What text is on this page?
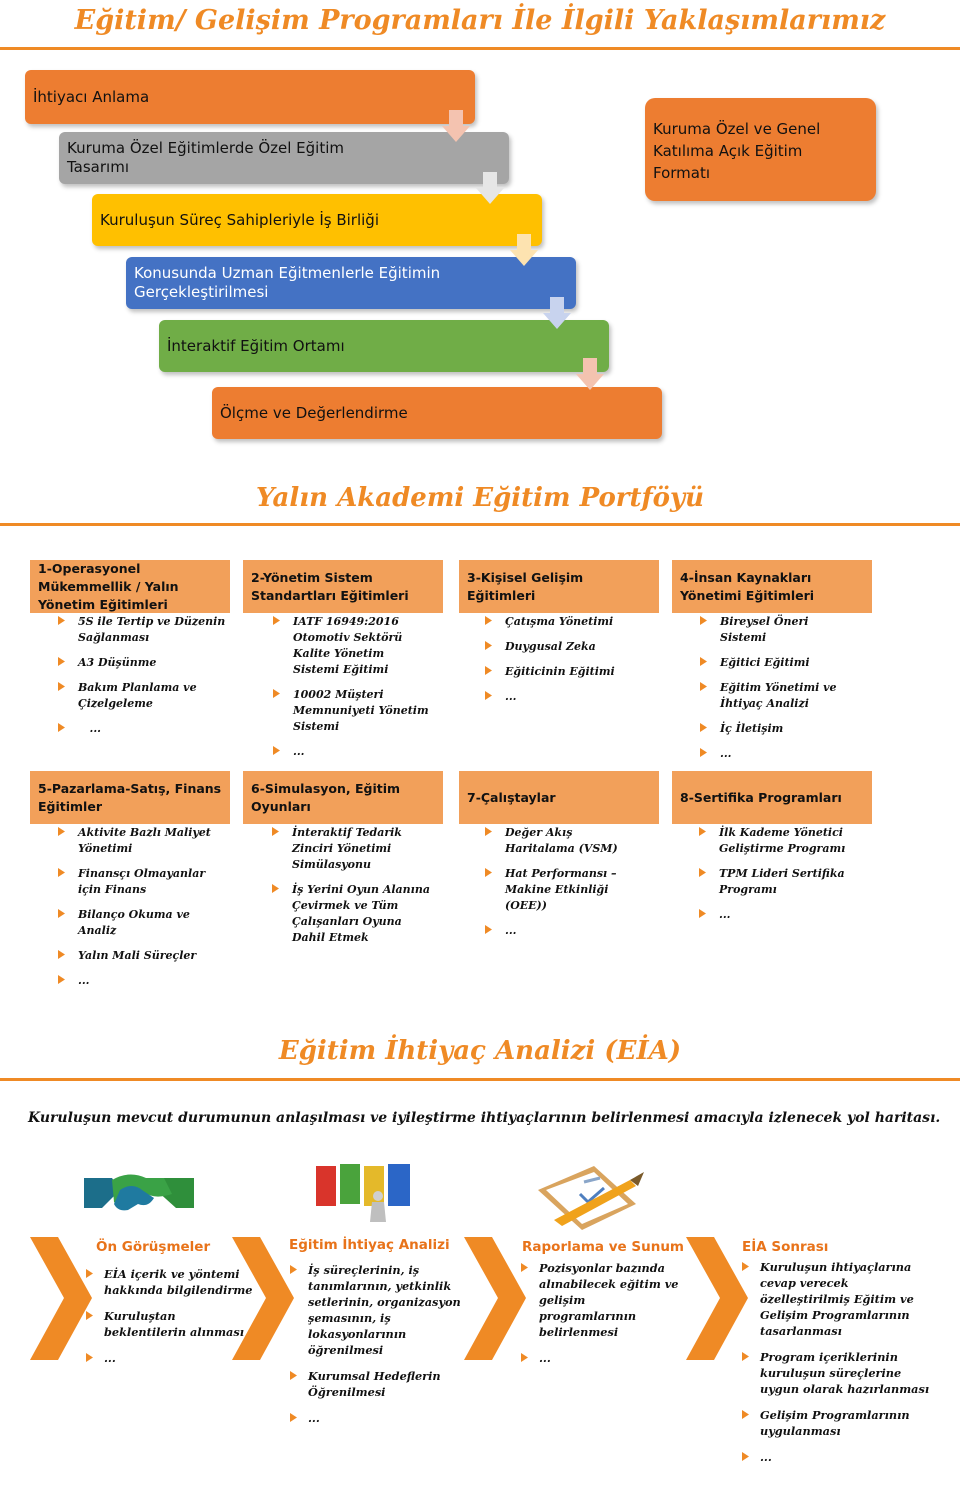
Eğitim/ Gelişim Programları İle İlgili Yaklaşımlarımız
İhtiyacı Anlama
Kuruma Özel Eğitimlerde Özel Eğitim Tasarımı
Kuruluşun Süreç Sahipleriyle İş Birliği
Konusunda Uzman Eğitmenlerle Eğitimin Gerçekleştirilmesi
İnteraktif Eğitim Ortamı
Ölçme ve Değerlendirme
Kuruma Özel ve Genel Katılıma Açık Eğitim Formatı
Yalın Akademi Eğitim Portföyü
1-Operasyonel Mükemmellik / Yalın Yönetim Eğitimleri
2-Yönetim Sistem Standartları Eğitimleri
3-Kişisel Gelişim Eğitimleri
4-İnsan Kaynakları Yönetimi Eğitimleri
5S ile Tertip ve Düzenin Sağlanması
A3 Düşünme
Bakım Planlama ve Çizelgeleme
...
IATF 16949:2016 Otomotiv Sektörü Kalite Yönetim Sistemi Eğitimi
10002 Müşteri Memnuniyeti Yönetim Sistemi
...
Çatışma Yönetimi
Duygusal Zeka
Eğiticinin Eğitimi
...
Bireysel Öneri Sistemi
Eğitici Eğitimi
Eğitim Yönetimi ve İhtiyaç Analizi
İç İletişim
...
5-Pazarlama-Satış, Finans Eğitimler
6-Simulasyon, Eğitim Oyunları
7-Çalıştaylar	8-Sertifika Programları
Aktivite Bazlı Maliyet Yönetimi
Finansçı Olmayanlar için Finans
Bilanço Okuma ve Analiz
Yalın Mali Süreçler
...
İnteraktif Tedarik Zinciri Yönetimi Simülasyonu
İş Yerini Oyun Alanına Çevirmek ve Tüm Çalışanları Oyuna Dahil Etmek
Değer Akış Haritalama (VSM)
Hat Performansı – Makine Etkinliği (OEE))
...
İlk Kademe Yönetici Geliştirme Programı
TPM Lideri Sertifika Programı
...
Eğitim İhtiyaç Analizi (EİA)
Kuruluşun mevcut durumunun anlaşılması ve iyileştirme ihtiyaçlarının belirlenmesi amacıyla izlenecek yol haritası.
Ön Görüşmeler	Eğitim İhtiyaç Analizi	Raporlama ve Sunum	EİA Sonrası
EİA içerik ve yöntemi hakkında bilgilendirme
Kuruluştan beklentilerin alınması
...
İş süreçlerinin, iş tanımlarının, yetkinlik setlerinin, organizasyon şemasının, iş lokasyonlarının öğrenilmesi
Kurumsal Hedeflerin Öğrenilmesi
...
Pozisyonlar bazında alınabilecek eğitim ve gelişim programlarının belirlenmesi
...
Kuruluşun ihtiyaçlarına cevap verecek özelleştirilmiş Eğitim ve Gelişim Programlarının tasarlanması
Program içeriklerinin kuruluşun süreçlerine uygun olarak hazırlanması
Gelişim Programlarının uygulanması
...
